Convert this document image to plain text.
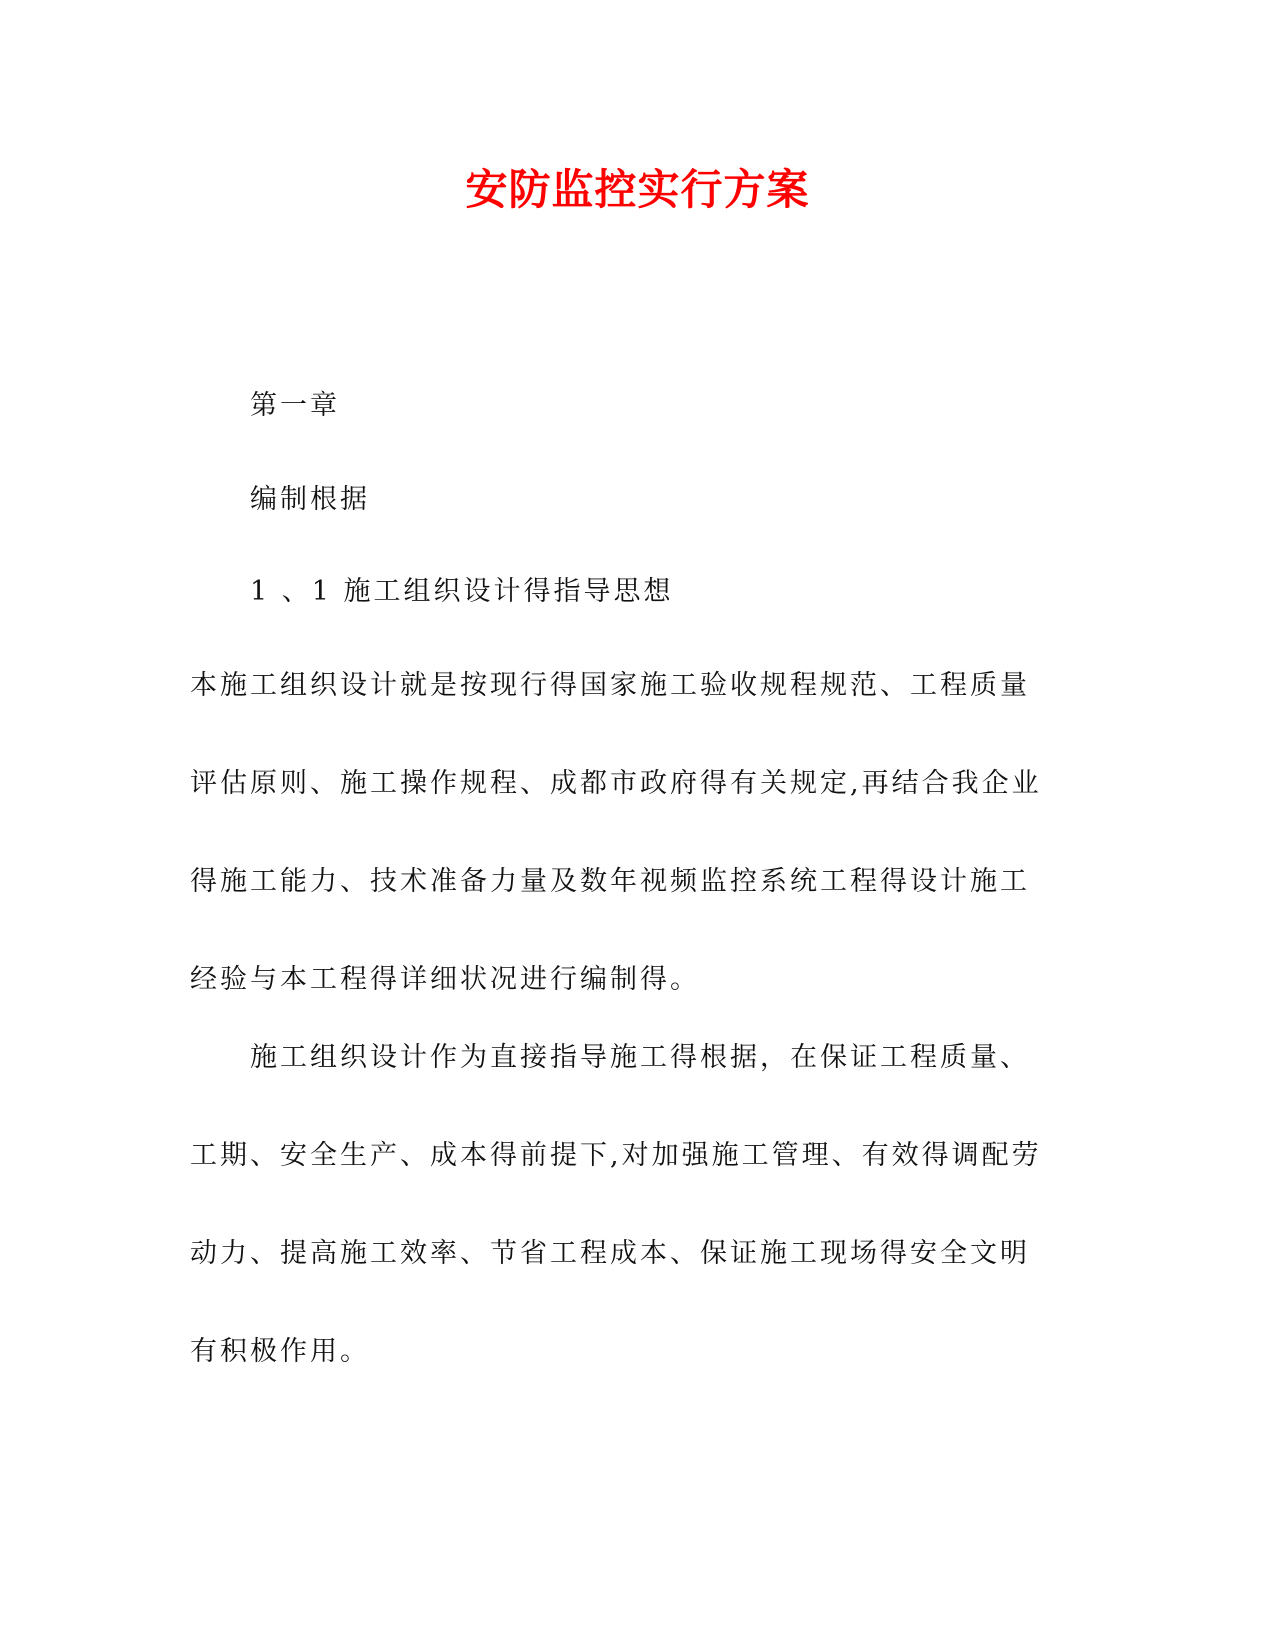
安防监控实行方案
第一章
编制根据
1 、1 施工组织设计得指导思想
本施工组织设计就是按现行得国家施工验收规程规范、工程质量
评估原则、施工操作规程、成都市政府得有关规定,再结合我企业
得施工能力、技术准备力量及数年视频监控系统工程得设计施工
经验与本工程得详细状况进行编制得。
施工组织设计作为直接指导施工得根据，在保证工程质量、
工期、安全生产、成本得前提下,对加强施工管理、有效得调配劳
动力、提高施工效率、节省工程成本、保证施工现场得安全文明
有积极作用。
